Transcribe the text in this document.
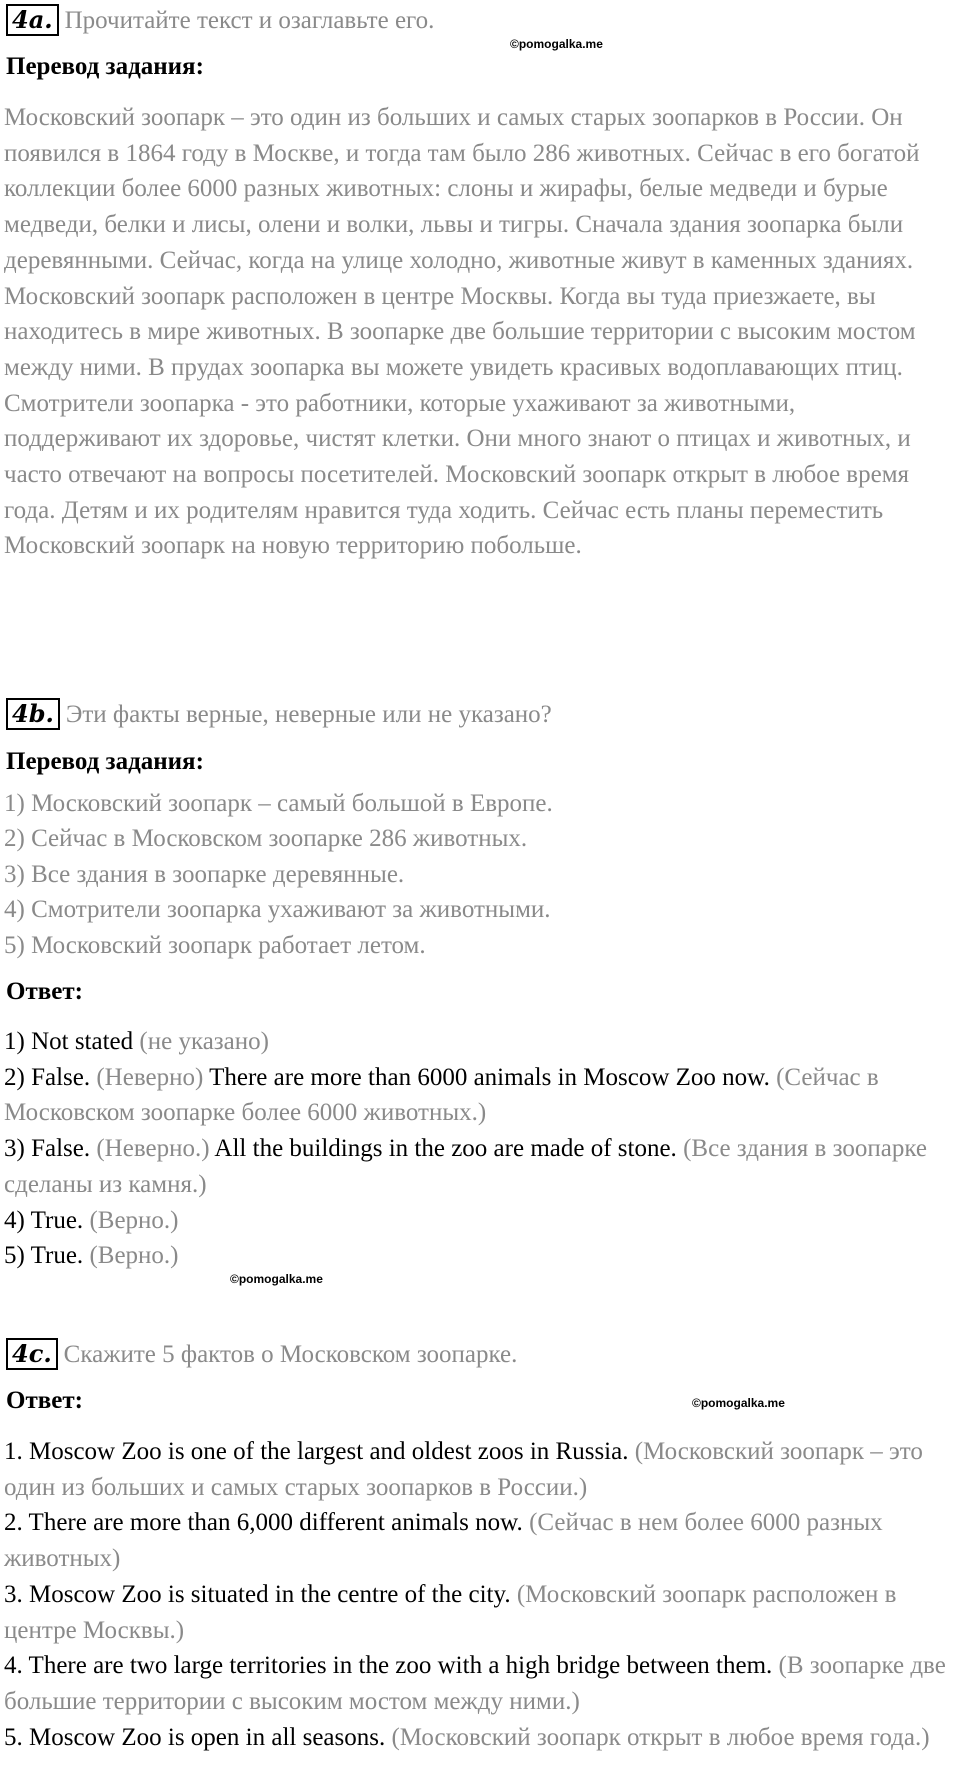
4a. Прочитайте текст и озаглавьте его.
©pomogalka.me
Перевод задания:

Московский зоопарк – это один из больших и самых старых зоопарков в России. Он появился в 1864 году в Москве, и тогда там было 286 животных. Сейчас в его богатой коллекции более 6000 разных животных: слоны и жирафы, белые медведи и бурые медведи, белки и лисы, олени и волки, львы и тигры. Сначала здания зоопарка были деревянными. Сейчас, когда на улице холодно, животные живут в каменных зданиях.

Московский зоопарк расположен в центре Москвы. Когда вы туда приезжаете, вы находитесь в мире животных. В зоопарке две большие территории с высоким мостом между ними. В прудах зоопарка вы можете увидеть красивых водоплавающих птиц. Смотрители зоопарка - это работники, которые ухаживают за животными, поддерживают их здоровье, чистят клетки. Они много знают о птицах и животных, и часто отвечают на вопросы посетителей. Московский зоопарк открыт в любое время года. Детям и их родителям нравится туда ходить. Сейчас есть планы переместить Московский зоопарк на новую территорию побольше.

4b. Эти факты верные, неверные или не указано?
Перевод задания:
1) Московский зоопарк – самый большой в Европе.
2) Сейчас в Московском зоопарке 286 животных.
3) Все здания в зоопарке деревянные.
4) Смотрители зоопарка ухаживают за животными.
5) Московский зоопарк работает летом.
Ответ:

1) Not stated (не указано)

2) False. (Неверно) There are more than 6000 animals in Moscow Zoo now. (Сейчас в Московском зоопарке более 6000 животных.)

3) False. (Неверно.) All the buildings in the zoo are made of stone. (Все здания в зоопарке сделаны из камня.)

4) True. (Верно.)

5) True. (Верно.)

©pomogalka.me
4c. Скажите 5 фактов о Московском зоопарке.
Ответ:	©pomogalka.me

1. Moscow Zoo is one of the largest and oldest zoos in Russia. (Московский зоопарк – это один из больших и самых старых зоопарков в России.)

2. There are more than 6,000 different animals now. (Сейчас в нем более 6000 разных животных)

3. Moscow Zoo is situated in the centre of the city. (Московский зоопарк расположен в центре Москвы.)

4. There are two large territories in the zoo with a high bridge between them. (В зоопарке две большие территории с высоким мостом между ними.)

5. Moscow Zoo is open in all seasons. (Московский зоопарк открыт в любое время года.)
